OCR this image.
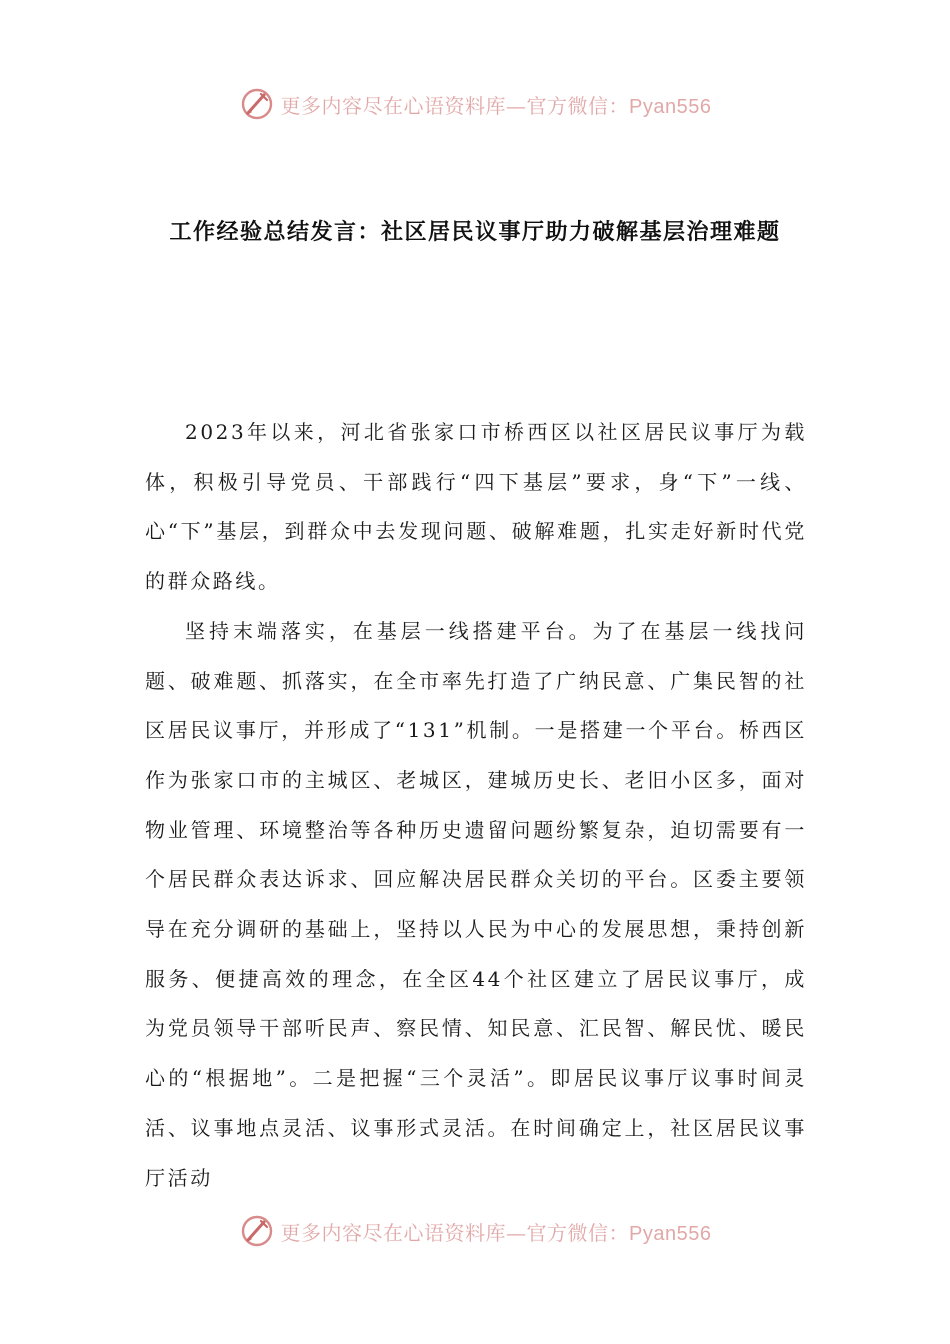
更多内容尽在心语资料库—官方微信：Pyan556
工作经验总结发言：社区居民议事厅助力破解基层治理难题

2023年以来，河北省张家口市桥西区以社区居民议事厅为载体，积极引导党员、干部践行“四下基层”要求，身“下”一线、心“下”基层，到群众中去发现问题、破解难题，扎实走好新时代党的群众路线。

坚持末端落实，在基层一线搭建平台。为了在基层一线找问题、破难题、抓落实，在全市率先打造了广纳民意、广集民智的社区居民议事厅，并形成了“131”机制。一是搭建一个平台。桥西区作为张家口市的主城区、老城区，建城历史长、老旧小区多，面对物业管理、环境整治等各种历史遗留问题纷繁复杂，迫切需要有一个居民群众表达诉求、回应解决居民群众关切的平台。区委主要领导在充分调研的基础上，坚持以人民为中心的发展思想，秉持创新服务、便捷高效的理念，在全区44个社区建立了居民议事厅，成为党员领导干部听民声、察民情、知民意、汇民智、解民忧、暖民心的“根据地”。二是把握“三个灵活”。即居民议事厅议事时间灵活、议事地点灵活、议事形式灵活。在时间确定上，社区居民议事厅活动

更多内容尽在心语资料库—官方微信：Pyan556
